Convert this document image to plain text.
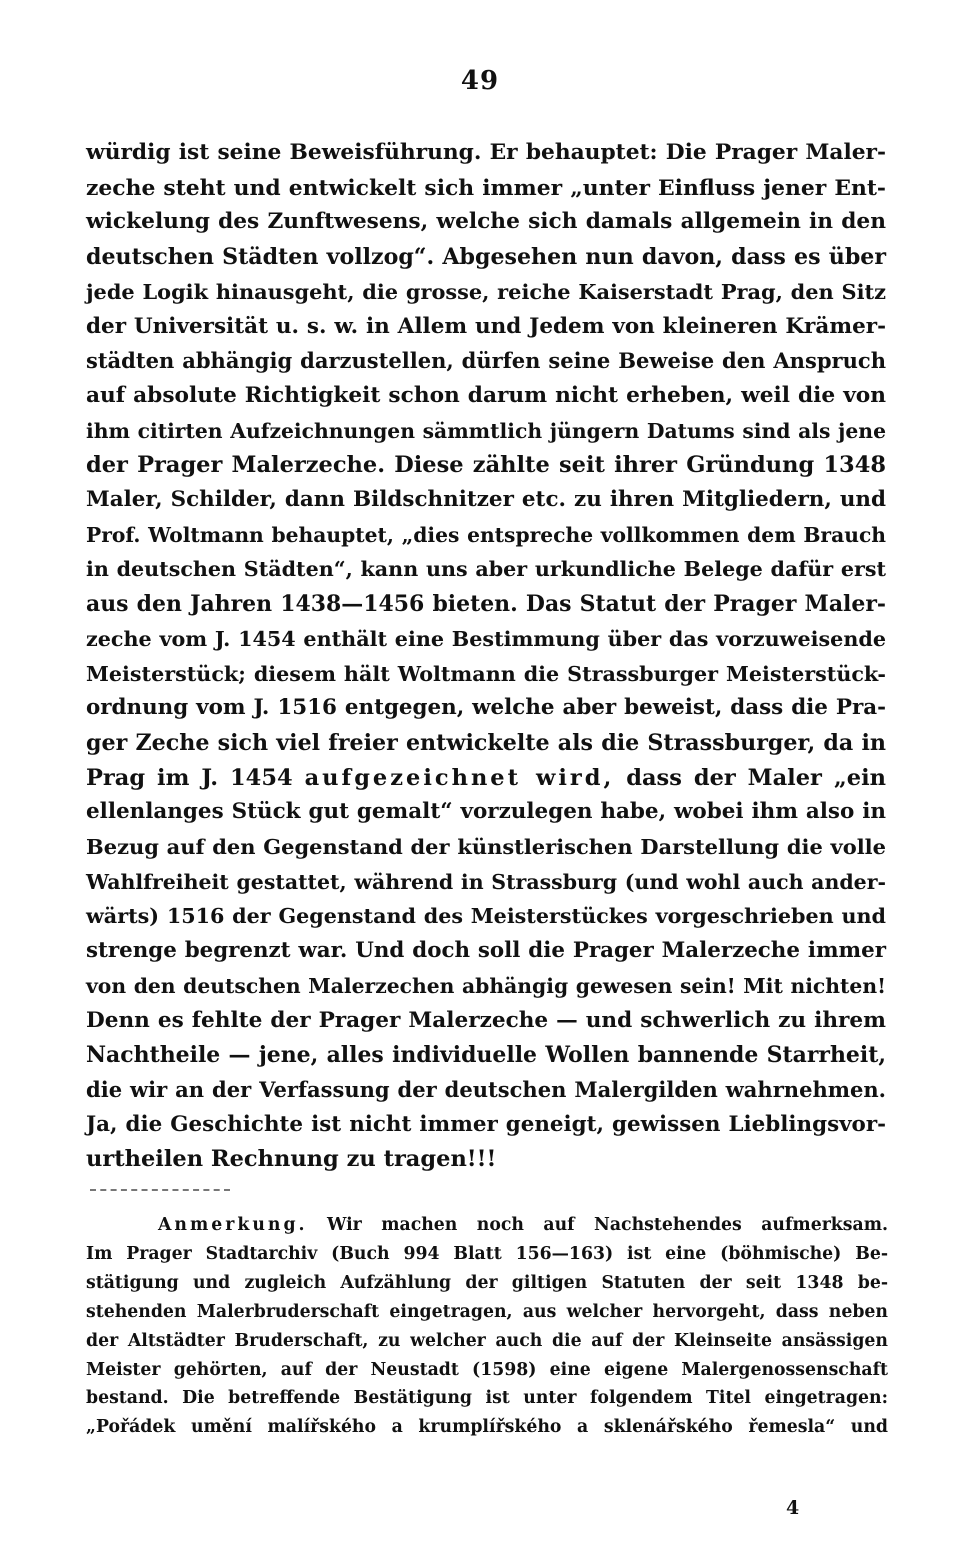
49
würdig ist seine Beweisführung. Er behauptet: Die Prager Maler-
zeche steht und entwickelt sich immer „unter Einfluss jener Ent-
wickelung des Zunftwesens, welche sich damals allgemein in den
deutschen Städten vollzog“. Abgesehen nun davon, dass es über
jede Logik hinausgeht, die grosse, reiche Kaiserstadt Prag, den Sitz
der Universität u. s. w. in Allem und Jedem von kleineren Krämer-
städten abhängig darzustellen, dürfen seine Beweise den Anspruch
auf absolute Richtigkeit schon darum nicht erheben, weil die von
ihm citirten Aufzeichnungen sämmtlich jüngern Datums sind als jene
der Prager Malerzeche. Diese zählte seit ihrer Gründung 1348
Maler, Schilder, dann Bildschnitzer etc. zu ihren Mitgliedern, und
Prof. Woltmann behauptet, „dies entspreche vollkommen dem Brauch
in deutschen Städten“, kann uns aber urkundliche Belege dafür erst
aus den Jahren 1438—1456 bieten. Das Statut der Prager Maler-
zeche vom J. 1454 enthält eine Bestimmung über das vorzuweisende
Meisterstück; diesem hält Woltmann die Strassburger Meisterstück-
ordnung vom J. 1516 entgegen, welche aber beweist, dass die Pra-
ger Zeche sich viel freier entwickelte als die Strassburger, da in
Prag im J. 1454 aufgezeichnet wird, dass der Maler „ein
ellenlanges Stück gut gemalt“ vorzulegen habe, wobei ihm also in
Bezug auf den Gegenstand der künstlerischen Darstellung die volle
Wahlfreiheit gestattet, während in Strassburg (und wohl auch ander-
wärts) 1516 der Gegenstand des Meisterstückes vorgeschrieben und
strenge begrenzt war. Und doch soll die Prager Malerzeche immer
von den deutschen Malerzechen abhängig gewesen sein! Mit nichten!
Denn es fehlte der Prager Malerzeche — und schwerlich zu ihrem
Nachtheile — jene, alles individuelle Wollen bannende Starrheit,
die wir an der Verfassung der deutschen Malergilden wahrnehmen.
Ja, die Geschichte ist nicht immer geneigt, gewissen Lieblingsvor-
urtheilen Rechnung zu tragen!!!
Anmerkung. Wir machen noch auf Nachstehendes aufmerksam.
Im Prager Stadtarchiv (Buch 994 Blatt 156—163) ist eine (böhmische) Be-
stätigung und zugleich Aufzählung der giltigen Statuten der seit 1348 be-
stehenden Malerbruderschaft eingetragen, aus welcher hervorgeht, dass neben
der Altstädter Bruderschaft, zu welcher auch die auf der Kleinseite ansässigen
Meister gehörten, auf der Neustadt (1598) eine eigene Malergenossenschaft
bestand. Die betreffende Bestätigung ist unter folgendem Titel eingetragen:
„Pořádek umění malířského a krumplířského a sklenářského řemesla“ und
4
